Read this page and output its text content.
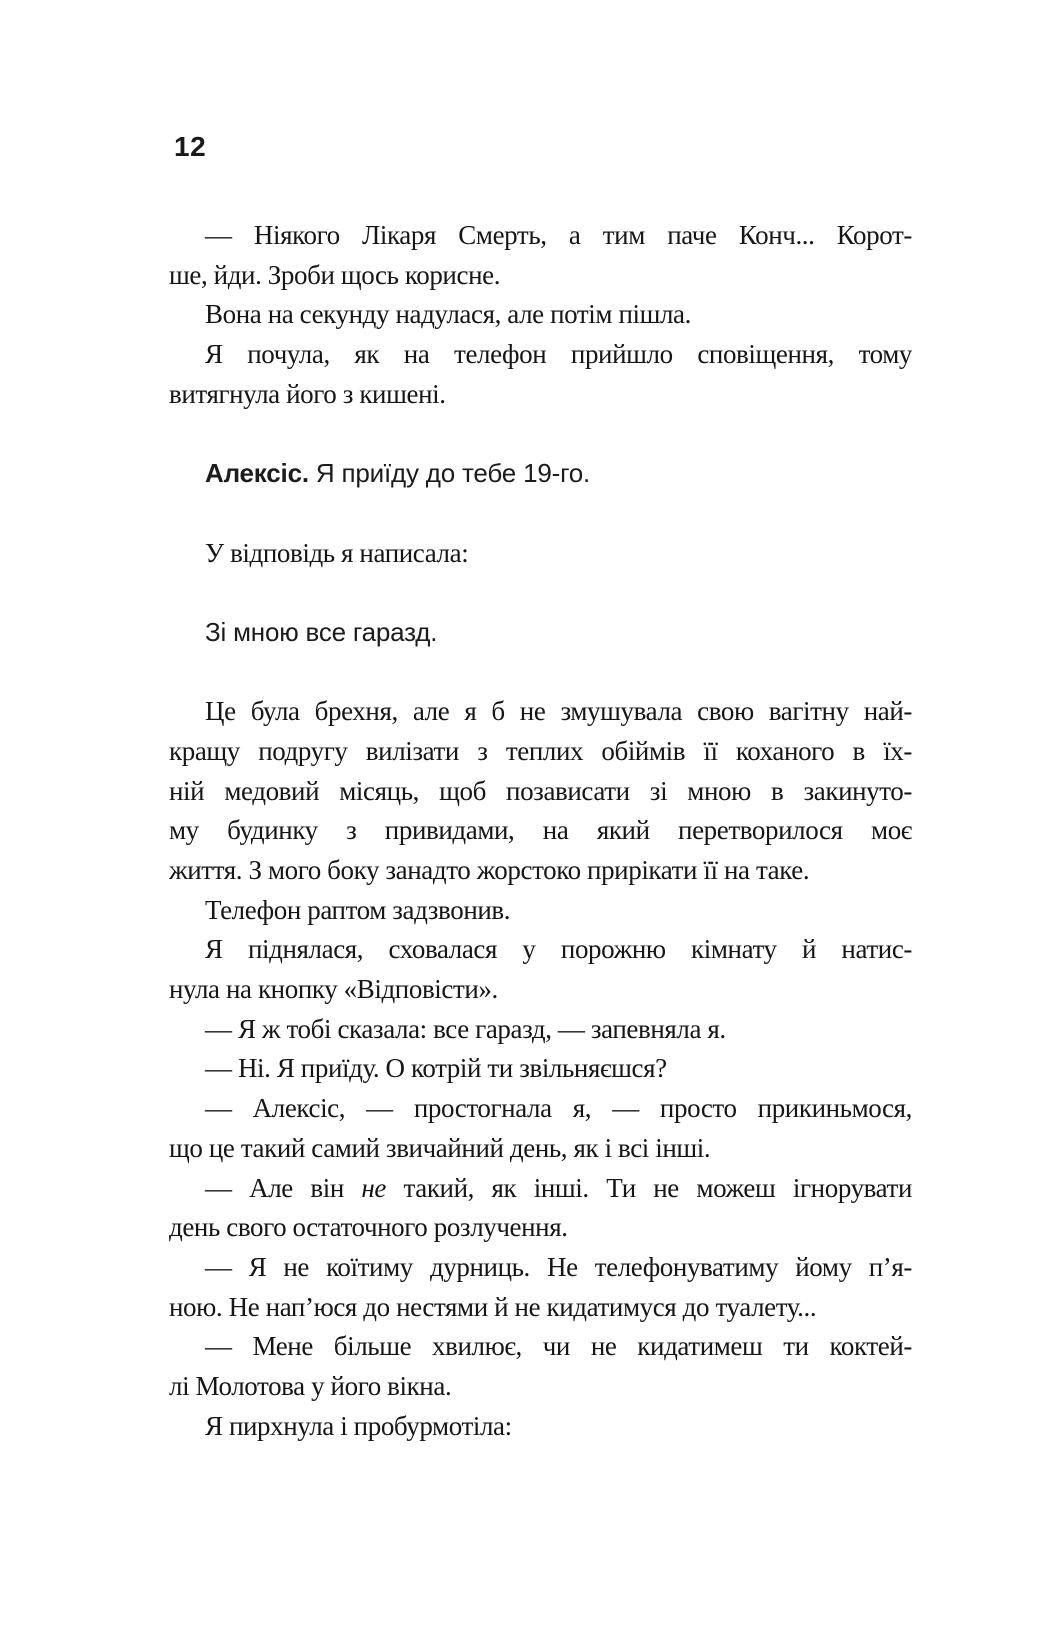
12
— Ніякого Лікаря Смерть, а тим паче Конч... Корот-
ше, йди. Зроби щось корисне.
Вона на секунду надулася, але потім пішла.
Я почула, як на телефон прийшло сповіщення, тому
витягнула його з кишені.
Алексіс. Я приїду до тебе 19-го.
У відповідь я написала:
Зі мною все гаразд.
Це була брехня, але я б не змушувала свою вагітну най-
кращу подругу вилізати з теплих обіймів її коханого в їх-
ній медовий місяць, щоб позависати зі мною в закинуто-
му будинку з привидами, на який перетворилося моє
життя. З мого боку занадто жорстоко прирікати її на таке.
Телефон раптом задзвонив.
Я піднялася, сховалася у порожню кімнату й натис-
нула на кнопку «Відповісти».
— Я ж тобі сказала: все гаразд, — запевняла я.
— Ні. Я приїду. О котрій ти звільняєшся?
— Алексіс, — простогнала я, — просто прикиньмося,
що це такий самий звичайний день, як і всі інші.
— Але він не такий, як інші. Ти не можеш ігнорувати
день свого остаточного розлучення.
— Я не коїтиму дурниць. Не телефонуватиму йому п’я-
ною. Не нап’юся до нестями й не кидатимуся до туалету...
— Мене більше хвилює, чи не кидатимеш ти коктей-
лі Молотова у його вікна.
Я пирхнула і пробурмотіла:
